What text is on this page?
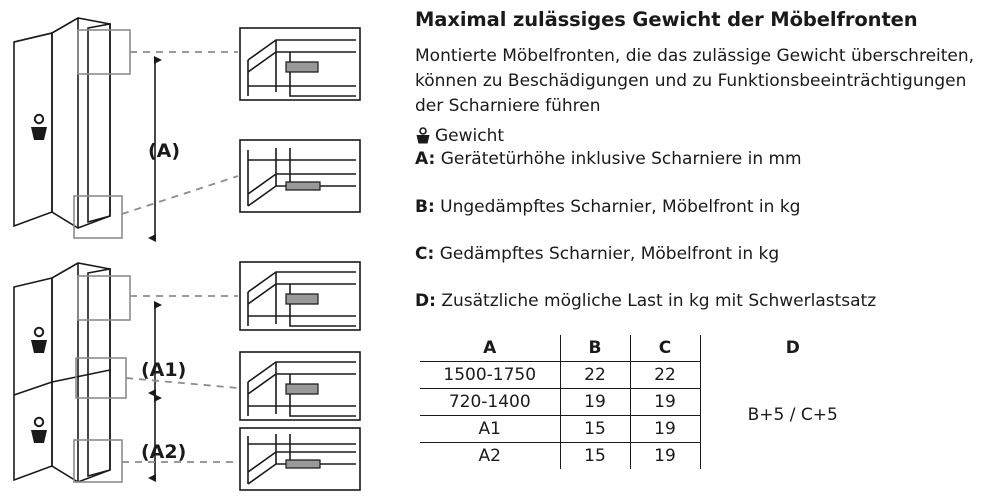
(A)
(A1)
(A2)
Maximal zulässiges Gewicht der Möbelfronten
Montierte Möbelfronten, die das zulässige Gewicht überschreiten, können zu Beschädigungen und zu Funktionsbeeinträchtigungen der Scharniere führen
Gewicht
A: Gerätetürhöhe inklusive Scharniere in mm
B: Ungedämpftes Scharnier, Möbelfront in kg
C: Gedämpftes Scharnier, Möbelfront in kg
D: Zusätzliche mögliche Last in kg mit Schwerlastsatz
A	B	C	D
1500-1750	22	22	B+5 / C+5
720-1400	19	19	
A1	15	19	
A2	15	19	
